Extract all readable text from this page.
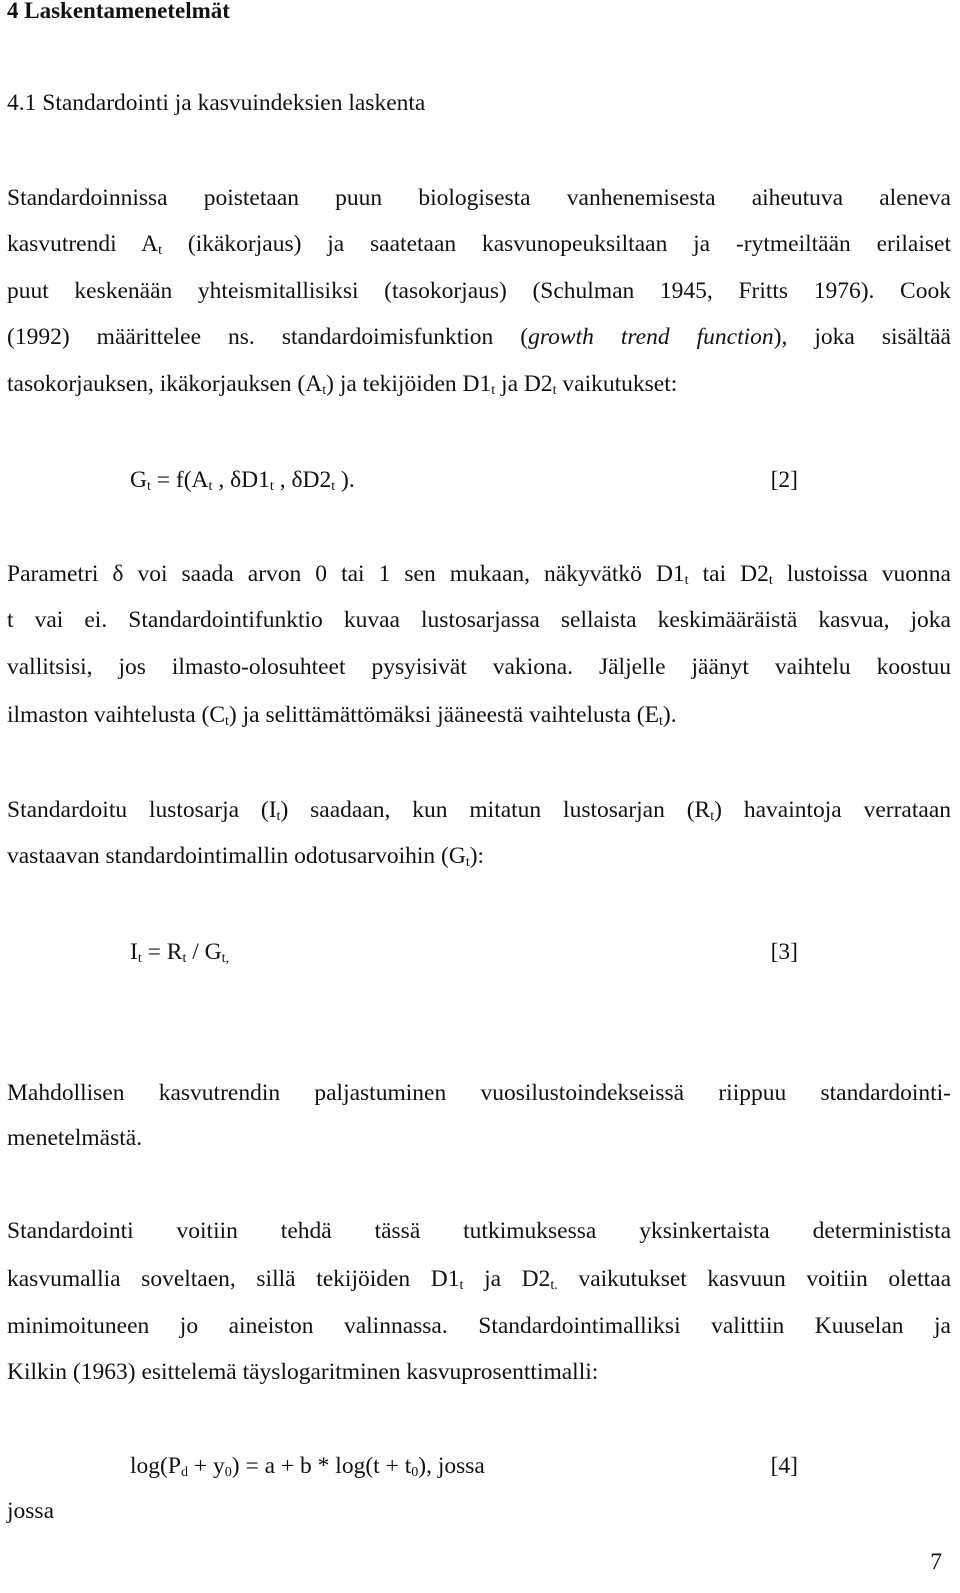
4 Laskentamenetelmät
4.1 Standardointi ja kasvuindeksien laskenta
Standardoinnissa poistetaan puun biologisesta vanhenemisesta aiheutuva aleneva
kasvutrendi $A_t$ (ikäkorjaus) ja saatetaan kasvunopeuksiltaan ja -rytmeiltään erilaiset
puut keskenään yhteismitallisiksi (tasokorjaus) (Schulman 1945, Fritts 1976). Cook
(1992) määrittelee ns. standardoimisfunktion (growth trend function), joka sisältää
tasokorjauksen, ikäkorjauksen $(A_t)$ ja tekijöiden $D1_t$ ja $D2_t$ vaikutukset:
$G_t = f(A_t$ , $\delta D1_t$ , $\delta D2_t$ ).	[2]
Parametri δ voi saada arvon 0 tai 1 sen mukaan, näkyvätkö $D1_t$ tai $D2_t$ lustoissa vuonna
t vai ei. Standardointifunktio kuvaa lustosarjassa sellaista keskimääräistä kasvua, joka
vallitsisi, jos ilmasto-olosuhteet pysyisivät vakiona. Jäljelle jäänyt vaihtelu koostuu
ilmaston vaihtelusta $(C_t)$ ja selittämättömäksi jääneestä vaihtelusta $(E_t)$.
Standardoitu lustosarja $(I_t)$ saadaan, kun mitatun lustosarjan $(R_t)$ havaintoja verrataan
vastaavan standardointimallin odotusarvoihin $(G_t)$:
$I_t = R_t / G_{t,}$	[3]
Mahdollisen kasvutrendin paljastuminen vuosilustoindekseissä riippuu standardointi-
menetelmästä.
Standardointi voitiin tehdä tässä tutkimuksessa yksinkertaista deterministista
kasvumallia soveltaen, sillä tekijöiden $D1_t$ ja $D2_{t.}$ vaikutukset kasvuun voitiin olettaa
minimoituneen jo aineiston valinnassa. Standardointimalliksi valittiin Kuuselan ja
Kilkin (1963) esittelemä täyslogaritminen kasvuprosenttimalli:
$\log(P_d + y_0) = a + b * \log(t + t_0)$, jossa	[4]
jossa
7
